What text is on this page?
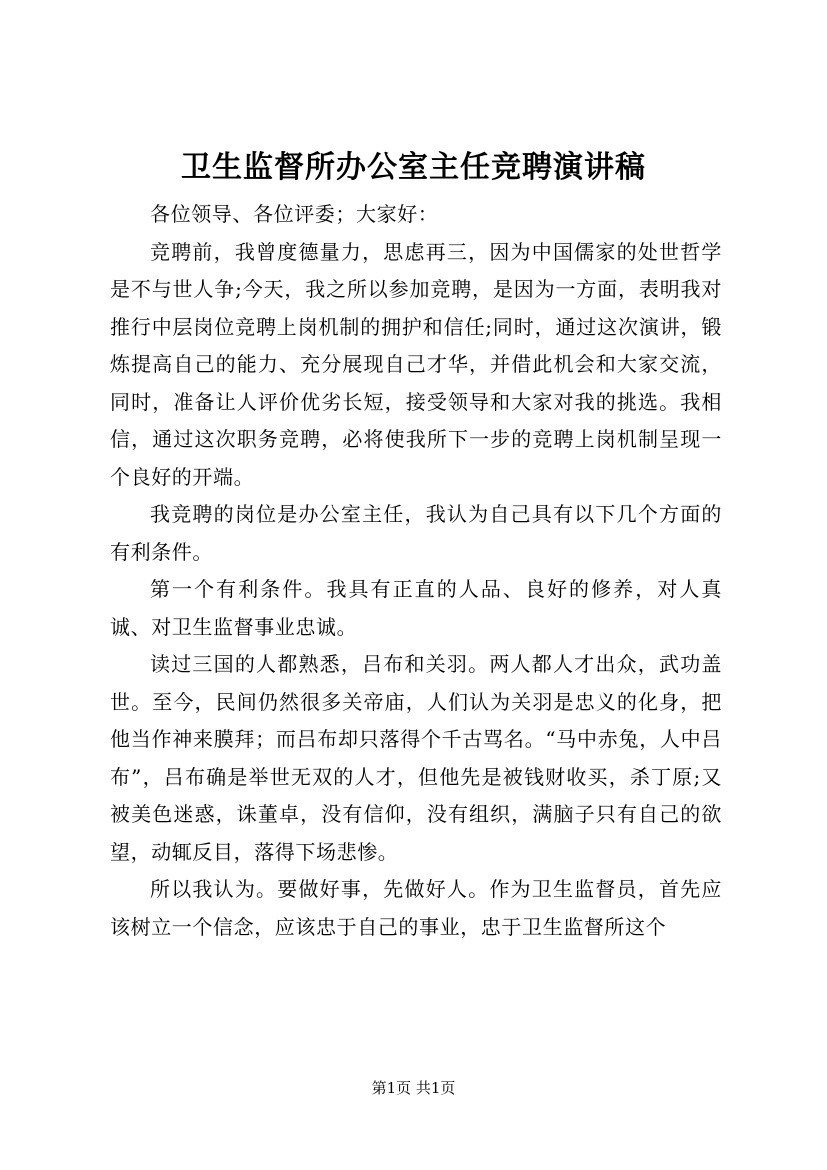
卫生监督所办公室主任竞聘演讲稿

各位领导、各位评委；大家好：

竞聘前，我曾度德量力，思虑再三，因为中国儒家的处世哲学是不与世人争;今天，我之所以参加竞聘，是因为一方面，表明我对推行中层岗位竞聘上岗机制的拥护和信任;同时，通过这次演讲，锻炼提高自己的能力、充分展现自己才华，并借此机会和大家交流，同时，准备让人评价优劣长短，接受领导和大家对我的挑选。我相信，通过这次职务竞聘，必将使我所下一步的竞聘上岗机制呈现一个良好的开端。

我竞聘的岗位是办公室主任，我认为自己具有以下几个方面的有利条件。

第一个有利条件。我具有正直的人品、良好的修养，对人真诚、对卫生监督事业忠诚。

读过三国的人都熟悉，吕布和关羽。两人都人才出众，武功盖世。至今，民间仍然很多关帝庙，人们认为关羽是忠义的化身，把他当作神来膜拜；而吕布却只落得个千古骂名。“马中赤兔，人中吕布”，吕布确是举世无双的人才，但他先是被钱财收买，杀丁原;又被美色迷惑，诛董卓，没有信仰，没有组织，满脑子只有自己的欲望，动辄反目，落得下场悲惨。

所以我认为。要做好事，先做好人。作为卫生监督员，首先应该树立一个信念，应该忠于自己的事业，忠于卫生监督所这个

第1页 共1页
